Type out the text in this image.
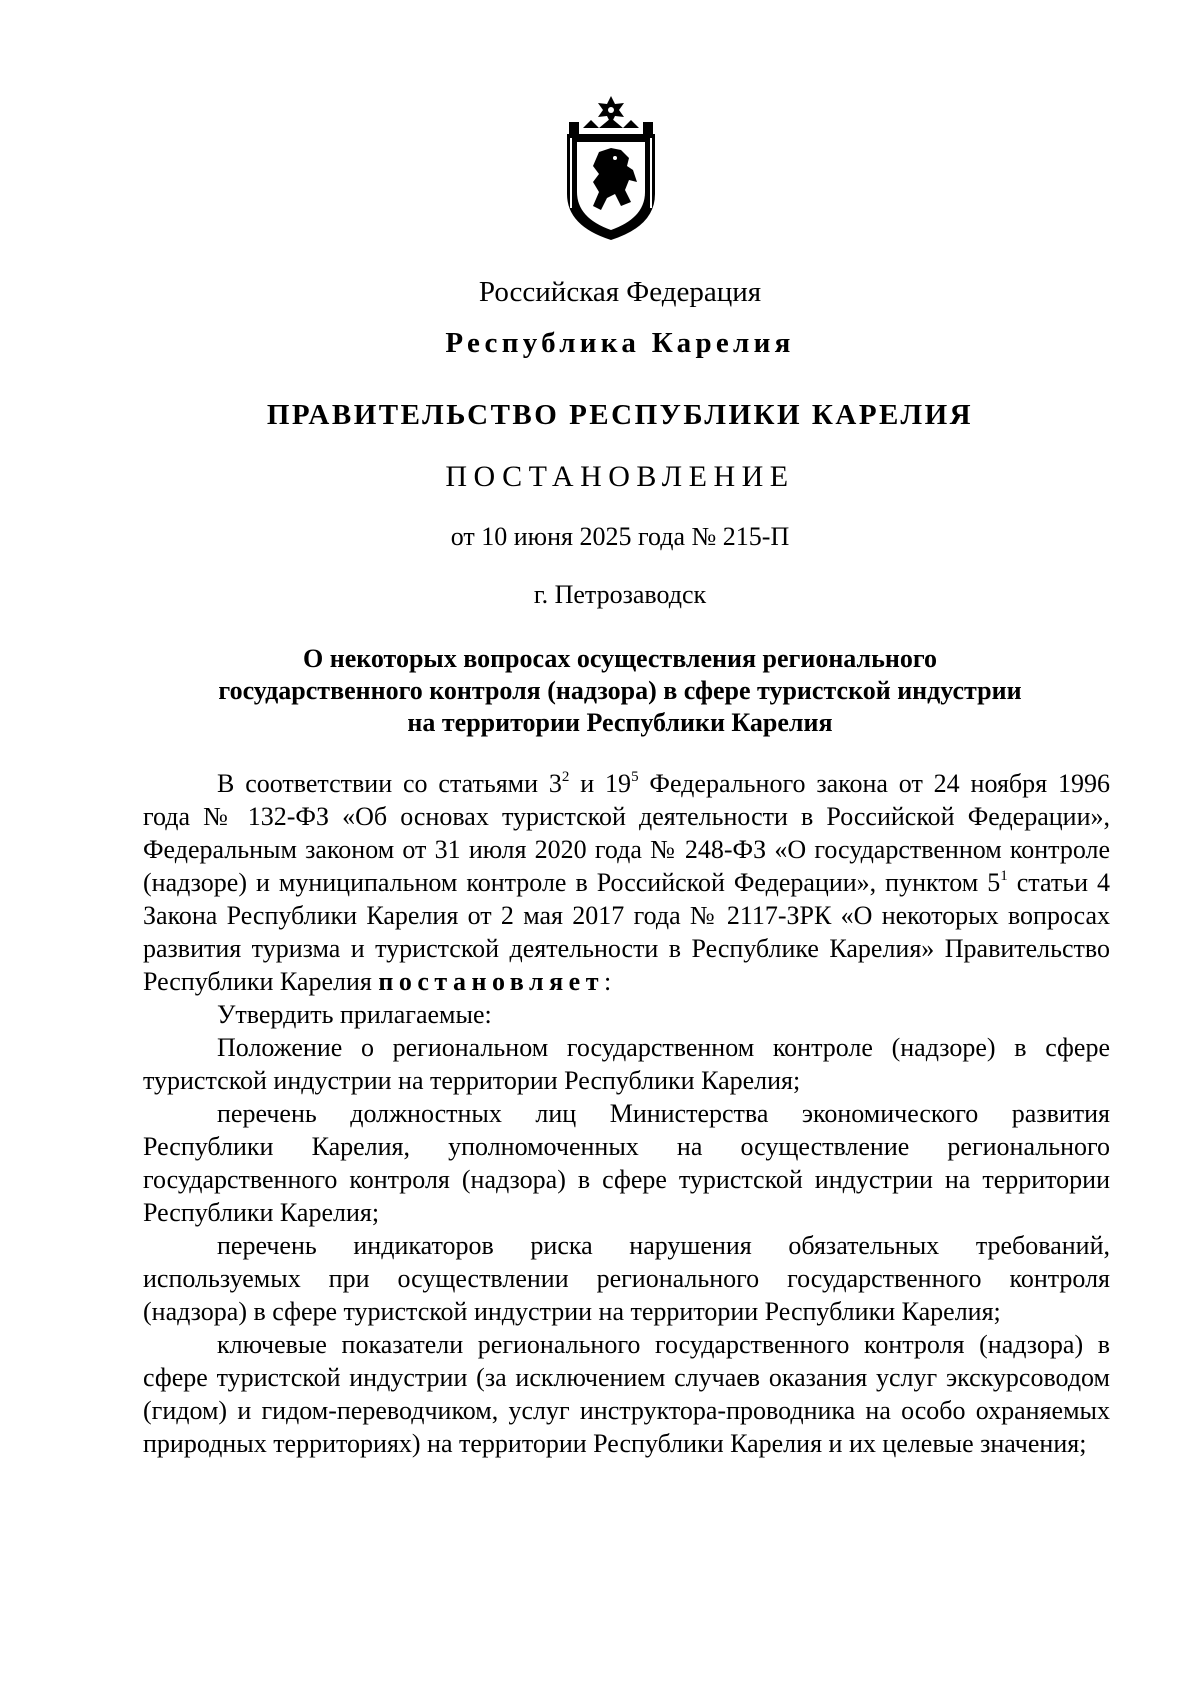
Российская Федерация
Республика Карелия
ПРАВИТЕЛЬСТВО РЕСПУБЛИКИ КАРЕЛИЯ
ПОСТАНОВЛЕНИЕ
от 10 июня 2025 года № 215-П
г. Петрозаводск
О некоторых вопросах осуществления регионального
государственного контроля (надзора) в сфере туристской индустрии
на территории Республики Карелия

В соответствии со статьями $3^2$ и $19^5$ Федерального закона от 24 ноября 1996 года № 132-ФЗ «Об основах туристской деятельности в Российской Федерации», Федеральным законом от 31 июля 2020 года № 248-ФЗ «О государственном контроле (надзоре) и муниципальном контроле в Российской Федерации», пунктом $5^1$ статьи 4 Закона Республики Карелия от 2 мая 2017 года № 2117-ЗРК «О некоторых вопросах развития туризма и туристской деятельности в Республике Карелия» Правительство Республики Карелия постановляет:

Утвердить прилагаемые:

Положение о региональном государственном контроле (надзоре) в сфере туристской индустрии на территории Республики Карелия;

перечень должностных лиц Министерства экономического развития Республики Карелия, уполномоченных на осуществление регионального государственного контроля (надзора) в сфере туристской индустрии на территории Республики Карелия;

перечень индикаторов риска нарушения обязательных требований, используемых при осуществлении регионального государственного контроля (надзора) в сфере туристской индустрии на территории Республики Карелия;

ключевые показатели регионального государственного контроля (надзора) в сфере туристской индустрии (за исключением случаев оказания услуг экскурсоводом (гидом) и гидом-переводчиком, услуг инструктора-проводника на особо охраняемых природных территориях) на территории Республики Карелия и их целевые значения;
